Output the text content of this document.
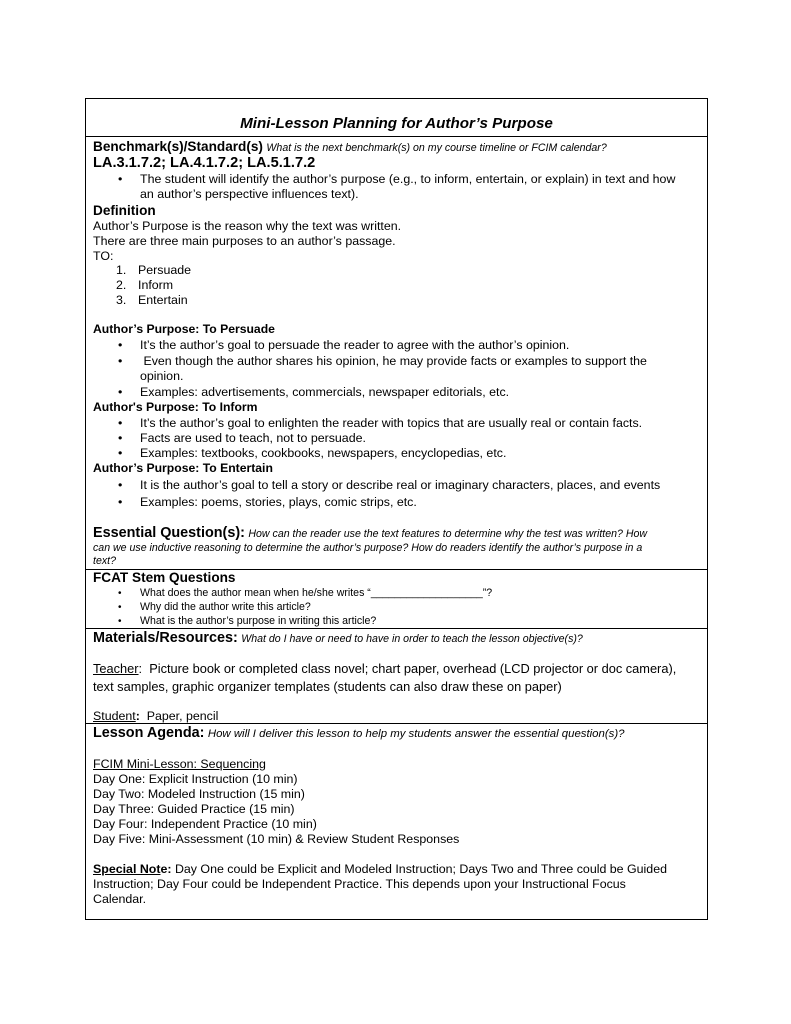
Mini-Lesson Planning for Author’s Purpose
Benchmark(s)/Standard(s) What is the next benchmark(s) on my course timeline or FCIM calendar?
LA.3.1.7.2; LA.4.1.7.2; LA.5.1.7.2
•	The student will identify the author’s purpose (e.g., to inform, entertain, or explain) in text and how
an author’s perspective influences text).
Definition
Author’s Purpose is the reason why the text was written.
There are three main purposes to an author’s passage.
TO:
1. Persuade
2. Inform
3. Entertain
Author’s Purpose: To Persuade
•	It’s the author’s goal to persuade the reader to agree with the author’s opinion.
•	Even though the author shares his opinion, he may provide facts or examples to support the
opinion.
•	Examples: advertisements, commercials, newspaper editorials, etc.
Author's Purpose: To Inform
•	It’s the author’s goal to enlighten the reader with topics that are usually real or contain facts.
•	Facts are used to teach, not to persuade.
•	Examples: textbooks, cookbooks, newspapers, encyclopedias, etc.
Author’s Purpose: To Entertain
•	It is the author’s goal to tell a story or describe real or imaginary characters, places, and events
•	Examples: poems, stories, plays, comic strips, etc.
Essential Question(s): How can the reader use the text features to determine why the test was written? How
can we use inductive reasoning to determine the author’s purpose? How do readers identify the author’s purpose in a
text?
FCAT Stem Questions
•	What does the author mean when he/she writes “___________________”?
•	Why did the author write this article?
•	What is the author’s purpose in writing this article?
Materials/Resources: What do I have or need to have in order to teach the lesson objective(s)?
Teacher:  Picture book or completed class novel; chart paper, overhead (LCD projector or doc camera),
text samples, graphic organizer templates (students can also draw these on paper)
Student:  Paper, pencil
Lesson Agenda: How will I deliver this lesson to help my students answer the essential question(s)?
FCIM Mini-Lesson: Sequencing
Day One: Explicit Instruction (10 min)
Day Two: Modeled Instruction (15 min)
Day Three: Guided Practice (15 min)
Day Four: Independent Practice (10 min)
Day Five: Mini-Assessment (10 min) & Review Student Responses
Special Note: Day One could be Explicit and Modeled Instruction; Days Two and Three could be Guided
Instruction; Day Four could be Independent Practice. This depends upon your Instructional Focus
Calendar.
